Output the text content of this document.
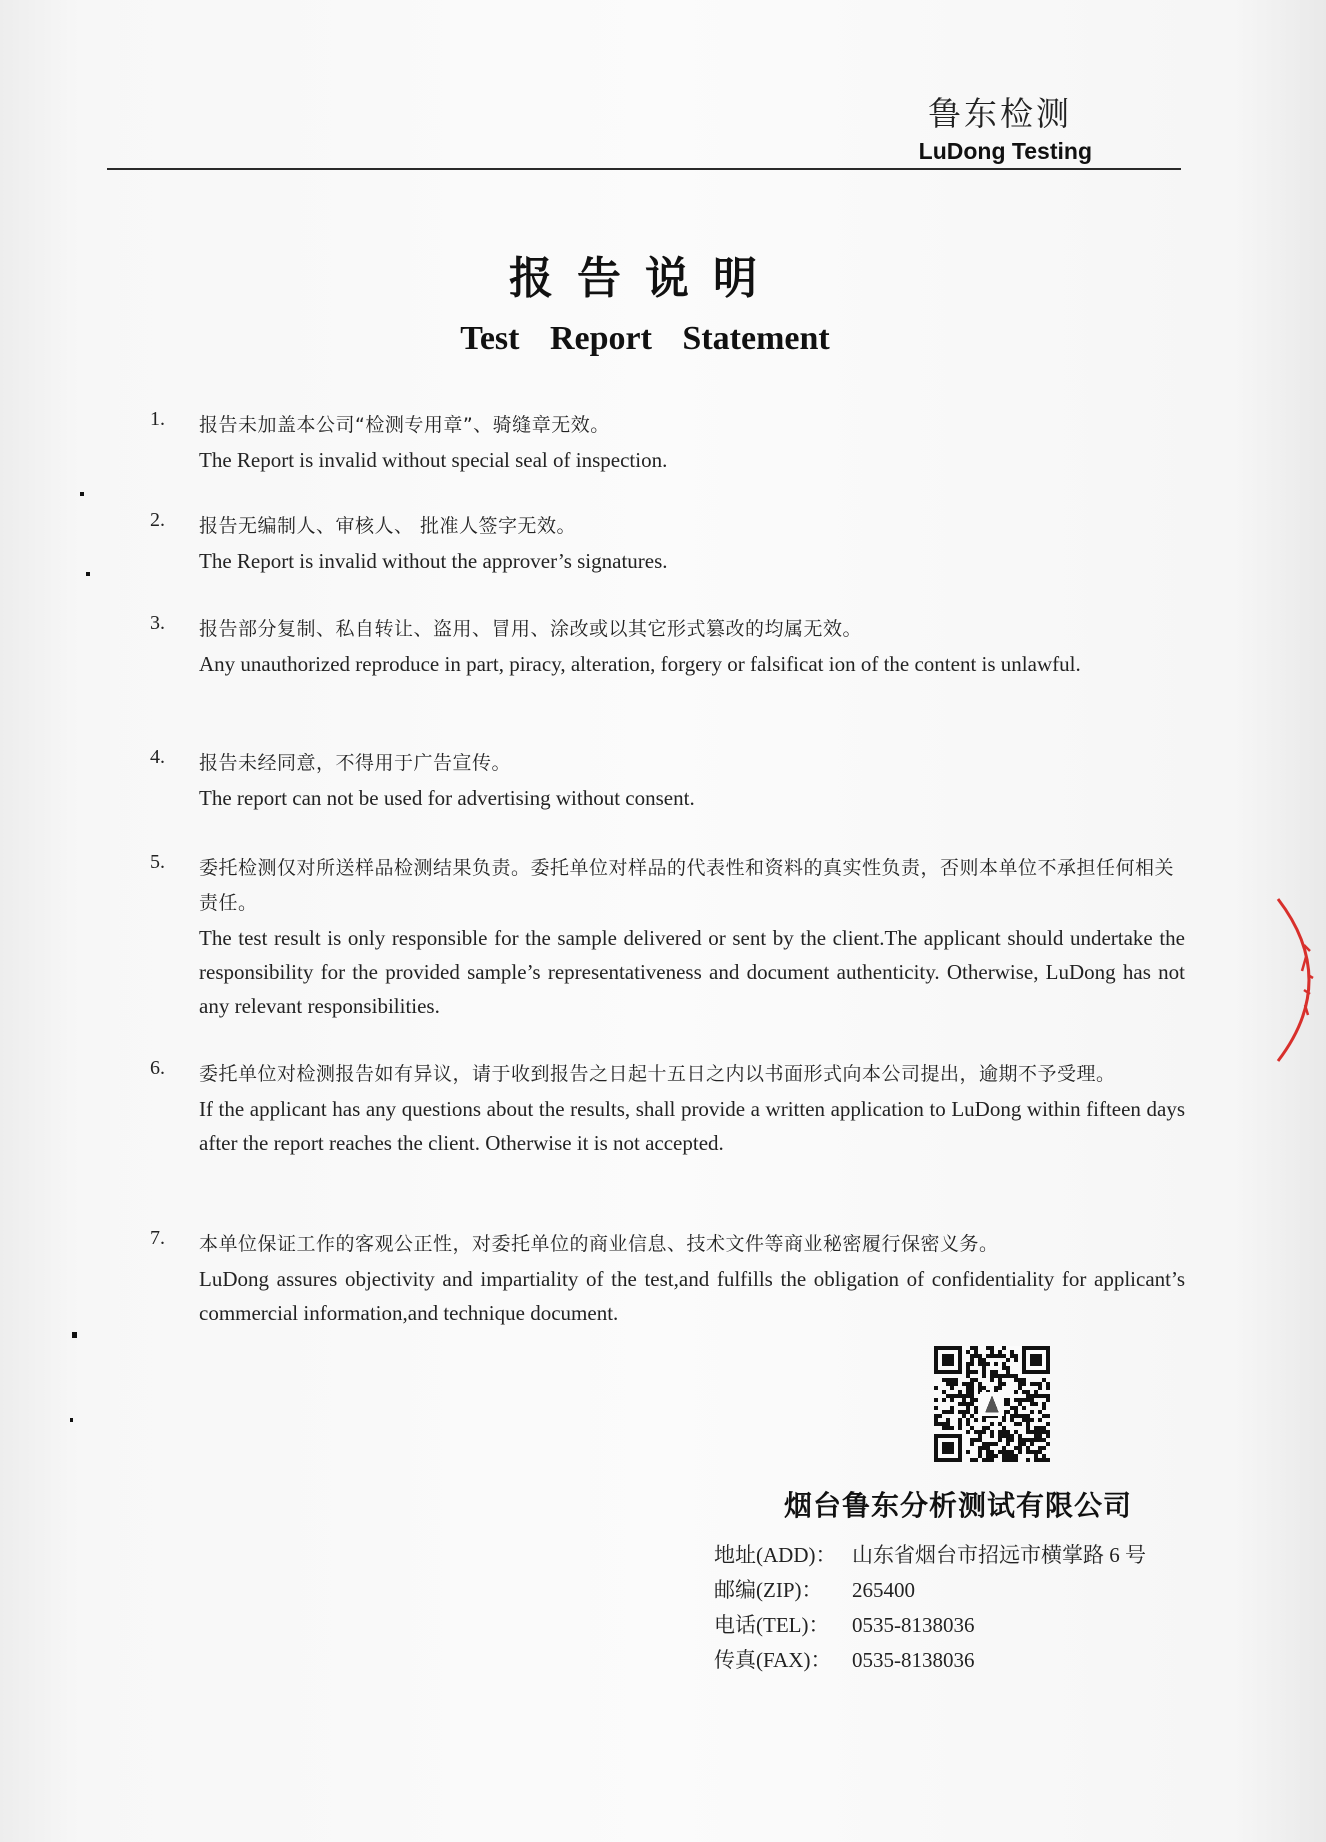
鲁东检测
LuDong Testing
报告说明
Test Report Statement
1. 报告未加盖本公司“检测专用章”、骑缝章无效。
The Report is invalid without special seal of inspection.
2. 报告无编制人、审核人、 批准人签字无效。
The Report is invalid without the approver’s signatures.
3. 报告部分复制、私自转让、盗用、冒用、涂改或以其它形式篡改的均属无效。
Any unauthorized reproduce in part, piracy, alteration, forgery or falsificat ion of the content is unlawful.
4. 报告未经同意，不得用于广告宣传。
The report can not be used for advertising without consent.
5. 委托检测仅对所送样品检测结果负责。委托单位对样品的代表性和资料的真实性负责，否则本单位不承担任何相关责任。
The test result is only responsible for the sample delivered or sent by the client.The applicant should undertake the responsibility for the provided sample’s representativeness and document authenticity. Otherwise, LuDong has not any relevant responsibilities.
6. 委托单位对检测报告如有异议，请于收到报告之日起十五日之内以书面形式向本公司提出，逾期不予受理。
If the applicant has any questions about the results, shall provide a written application to LuDong within fifteen days after the report reaches the client. Otherwise it is not accepted.
7. 本单位保证工作的客观公正性，对委托单位的商业信息、技术文件等商业秘密履行保密义务。
LuDong assures objectivity and impartiality of the test,and fulfills the obligation of confidentiality for applicant’s commercial information,and technique document.
烟台鲁东分析测试有限公司
地址(ADD)： 山东省烟台市招远市横掌路 6 号
邮编(ZIP)： 265400
电话(TEL)： 0535-8138036
传真(FAX)： 0535-8138036
